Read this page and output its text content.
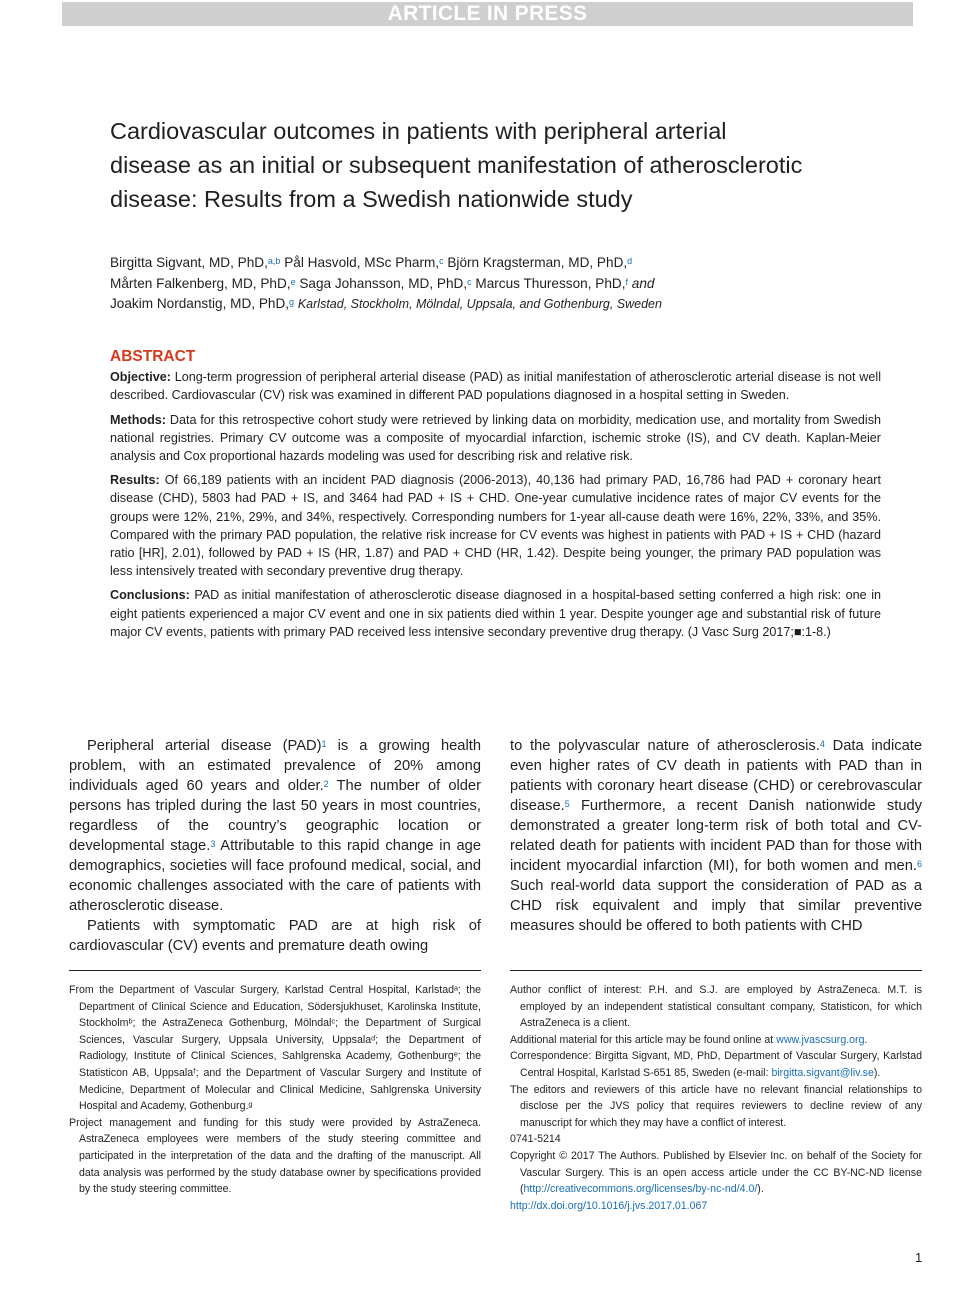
ARTICLE IN PRESS
Cardiovascular outcomes in patients with peripheral arterial disease as an initial or subsequent manifestation of atherosclerotic disease: Results from a Swedish nationwide study
Birgitta Sigvant, MD, PhD,$^{a,b}$ Pål Hasvold, MSc Pharm,$^c$ Björn Kragsterman, MD, PhD,$^d$
Mårten Falkenberg, MD, PhD,$^e$ Saga Johansson, MD, PhD,$^c$ Marcus Thuresson, PhD,$^f$ and
Joakim Nordanstig, MD, PhD,$^g$ Karlstad, Stockholm, Mölndal, Uppsala, and Gothenburg, Sweden
ABSTRACT

Objective: Long-term progression of peripheral arterial disease (PAD) as initial manifestation of atherosclerotic arterial disease is not well described. Cardiovascular (CV) risk was examined in different PAD populations diagnosed in a hospital setting in Sweden.

Methods: Data for this retrospective cohort study were retrieved by linking data on morbidity, medication use, and mortality from Swedish national registries. Primary CV outcome was a composite of myocardial infarction, ischemic stroke (IS), and CV death. Kaplan-Meier analysis and Cox proportional hazards modeling was used for describing risk and relative risk.

Results: Of 66,189 patients with an incident PAD diagnosis (2006-2013), 40,136 had primary PAD, 16,786 had PAD + coronary heart disease (CHD), 5803 had PAD + IS, and 3464 had PAD + IS + CHD. One-year cumulative incidence rates of major CV events for the groups were 12%, 21%, 29%, and 34%, respectively. Corresponding numbers for 1-year all-cause death were 16%, 22%, 33%, and 35%. Compared with the primary PAD population, the relative risk increase for CV events was highest in patients with PAD + IS + CHD (hazard ratio [HR], 2.01), followed by PAD + IS (HR, 1.87) and PAD + CHD (HR, 1.42). Despite being younger, the primary PAD population was less intensively treated with secondary preventive drug therapy.

Conclusions: PAD as initial manifestation of atherosclerotic disease diagnosed in a hospital-based setting conferred a high risk: one in eight patients experienced a major CV event and one in six patients died within 1 year. Despite younger age and substantial risk of future major CV events, patients with primary PAD received less intensive secondary preventive drug therapy. (J Vasc Surg 2017;■:1-8.)

Peripheral arterial disease (PAD)$^1$ is a growing health problem, with an estimated prevalence of 20% among individuals aged 60 years and older.$^2$ The number of older persons has tripled during the last 50 years in most countries, regardless of the country’s geographic location or developmental stage.$^3$ Attributable to this rapid change in age demographics, societies will face profound medical, social, and economic challenges associated with the care of patients with atherosclerotic disease.

Patients with symptomatic PAD are at high risk of cardiovascular (CV) events and premature death owing

to the polyvascular nature of atherosclerosis.$^4$ Data indicate even higher rates of CV death in patients with PAD than in patients with coronary heart disease (CHD) or cerebrovascular disease.$^5$ Furthermore, a recent Danish nationwide study demonstrated a greater long-term risk of both total and CV-related death for patients with incident PAD than for those with incident myocardial infarction (MI), for both women and men.$^6$ Such real-world data support the consideration of PAD as a CHD risk equivalent and imply that similar preventive measures should be offered to both patients with CHD

From the Department of Vascular Surgery, Karlstad Central Hospital, Karlstadᵃ; the Department of Clinical Science and Education, Södersjukhuset, Karolinska Institute, Stockholmᵇ; the AstraZeneca Gothenburg, Mölndalᶜ; the Department of Surgical Sciences, Vascular Surgery, Uppsala University, Uppsalaᵈ; the Department of Radiology, Institute of Clinical Sciences, Sahlgrenska Academy, Gothenburgᵉ; the Statisticon AB, Uppsalaᶠ; and the Department of Vascular Surgery and Institute of Medicine, Department of Molecular and Clinical Medicine, Sahlgrenska University Hospital and Academy, Gothenburg.ᵍ

Project management and funding for this study were provided by AstraZeneca. AstraZeneca employees were members of the study steering committee and participated in the interpretation of the data and the drafting of the manuscript. All data analysis was performed by the study database owner by specifications provided by the study steering committee.

Author conflict of interest: P.H. and S.J. are employed by AstraZeneca. M.T. is employed by an independent statistical consultant company, Statisticon, for which AstraZeneca is a client.

Additional material for this article may be found online at www.jvascsurg.org.

Correspondence: Birgitta Sigvant, MD, PhD, Department of Vascular Surgery, Karlstad Central Hospital, Karlstad S-651 85, Sweden (e-mail: birgitta.sigvant@liv.se).

The editors and reviewers of this article have no relevant financial relationships to disclose per the JVS policy that requires reviewers to decline review of any manuscript for which they may have a conflict of interest.

0741-5214

Copyright © 2017 The Authors. Published by Elsevier Inc. on behalf of the Society for Vascular Surgery. This is an open access article under the CC BY-NC-ND license (http://creativecommons.org/licenses/by-nc-nd/4.0/).

http://dx.doi.org/10.1016/j.jvs.2017.01.067

1
